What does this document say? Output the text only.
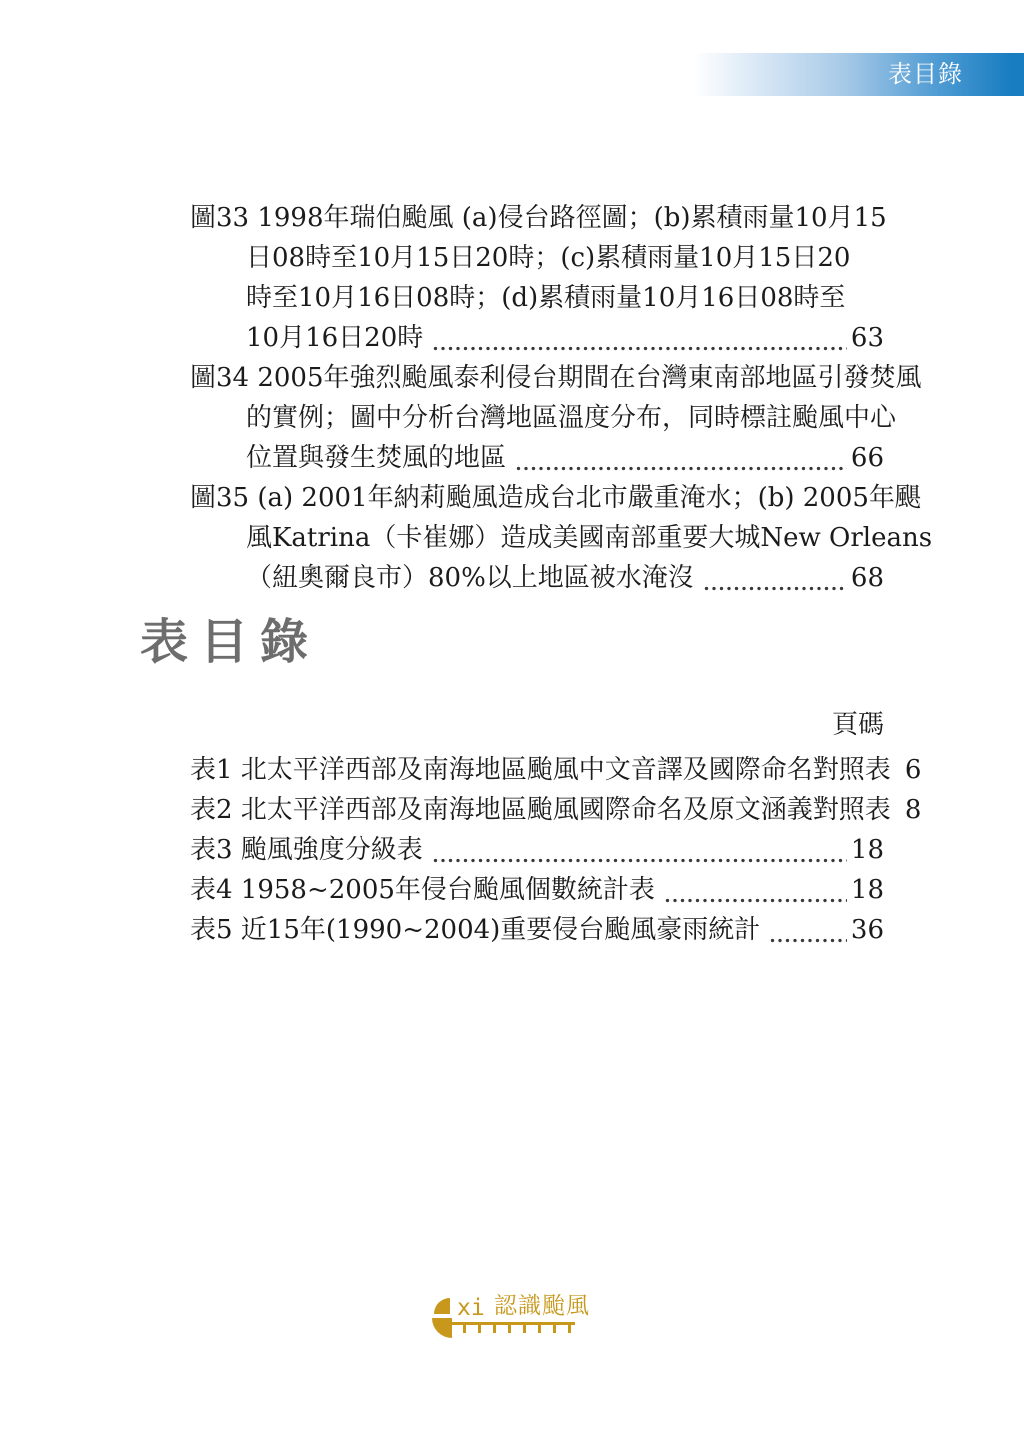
表目錄
圖33 1998年瑞伯颱風 (a)侵台路徑圖；(b)累積雨量10月15
日08時至10月15日20時；(c)累積雨量10月15日20
時至10月16日08時；(d)累積雨量10月16日08時至
10月16日20時	63
圖34 2005年強烈颱風泰利侵台期間在台灣東南部地區引發焚風
的實例；圖中分析台灣地區溫度分布，同時標註颱風中心
位置與發生焚風的地區	66
圖35 (a) 2001年納莉颱風造成台北市嚴重淹水；(b) 2005年颶
風Katrina（卡崔娜）造成美國南部重要大城New Orleans
（紐奧爾良市）80%以上地區被水淹沒	68
表目錄
頁碼
表1 北太平洋西部及南海地區颱風中文音譯及國際命名對照表 6
表2 北太平洋西部及南海地區颱風國際命名及原文涵義對照表 8
表3 颱風強度分級表	18
表4 1958~2005年侵台颱風個數統計表	18
表5 近15年(1990~2004)重要侵台颱風豪雨統計	36
xi 認識颱風
